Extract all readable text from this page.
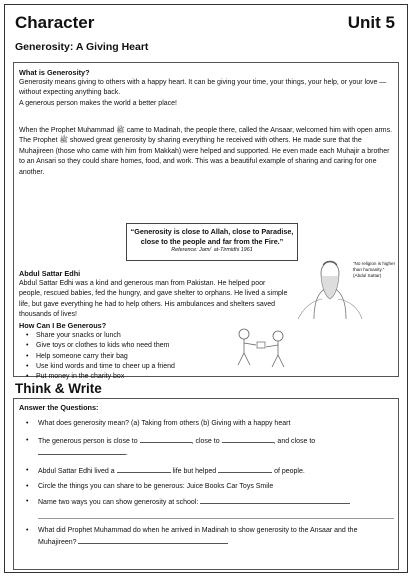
Character	Unit 5
Generosity: A Giving Heart

What is Generosity?

Generosity means giving to others with a happy heart. It can be giving your time, your things, your help, or your love — without expecting anything back.

A generous person makes the world a better place!

When the Prophet Muhammad ﷺ came to Madinah, the people there, called the Ansaar, welcomed him with open arms. The Prophet ﷺ showed great generosity by sharing everything he received with others. He made sure that the Muhajireen (those who came with him from Makkah) were helped and supported. He even made each Muhajir a brother to an Ansari so they could share homes, food, and work. This was a beautiful example of sharing and caring for one another.

“Generosity is close to Allah, close to Paradise, close to the people and far from the Fire.”

Reference: Jami` at-Tirmidhi 1961

Abdul Sattar Edhi

Abdul Sattar Edhi was a kind and generous man from Pakistan. He helped poor people, rescued babies, fed the hungry, and gave shelter to orphans. He lived a simple life, but gave everything he had to help others. His ambulances and shelters saved thousands of lives!

“No religion is higher than humanity.” (Abdul Sattar)

How Can I Be Generous?

• Share your snacks or lunch
• Give toys or clothes to kids who need them
• Help someone carry their bag
• Use kind words and time to cheer up a friend
• Put money in the charity box
Think & Write

Answer the Questions:

• What does generosity mean? (a) Taking from others (b) Giving with a happy heart
• The generous person is close to	, close to	, and close to
.
• Abdul Sattar Edhi lived a	life but helped	of people.
• Circle the things you can share to be generous: Juice Books Car Toys Smile
• Name two ways you can show generosity at school:
• What did Prophet Muhammad do when he arrived in Madinah to show generosity to the Ansaar and the Muhajireen?
